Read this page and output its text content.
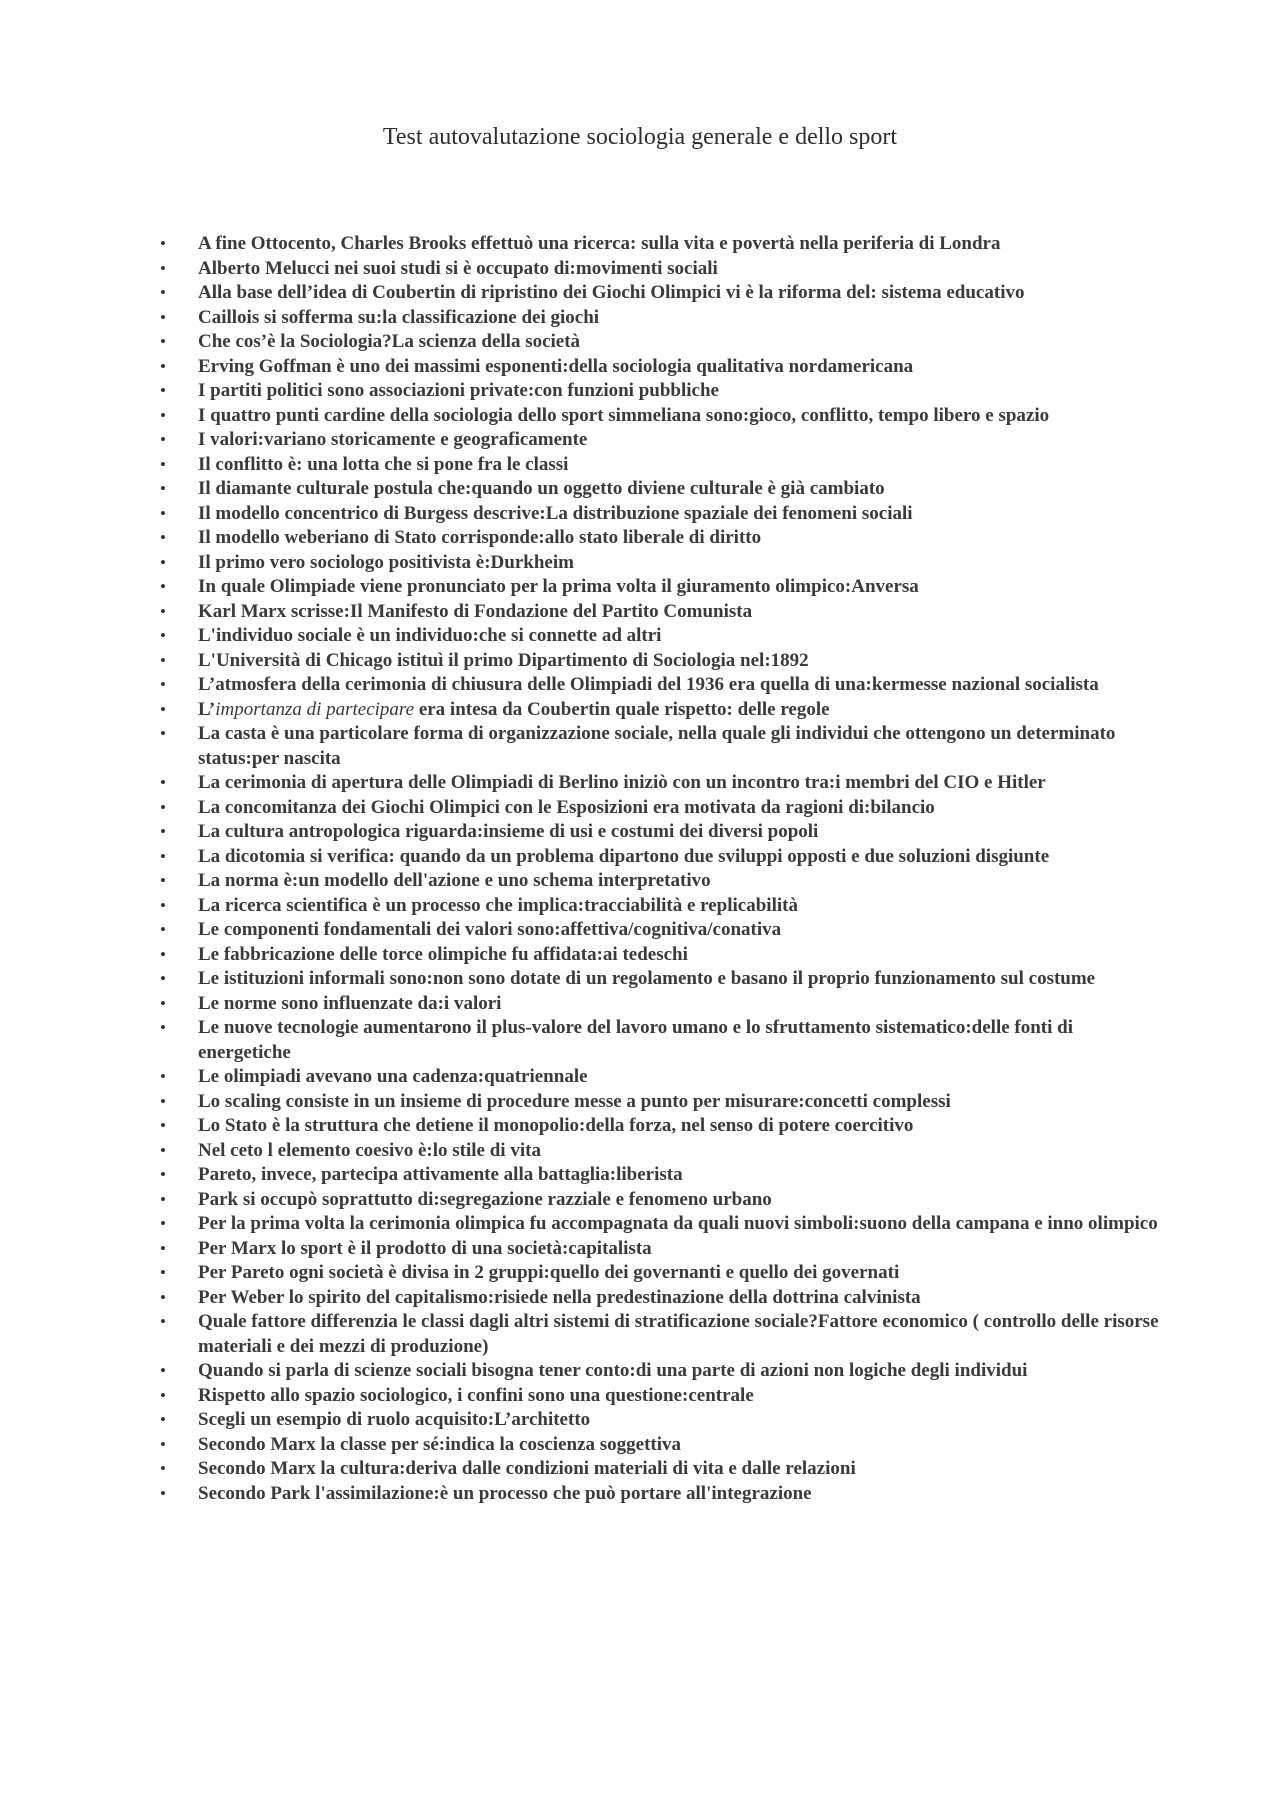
Test autovalutazione sociologia generale e dello sport
• A fine Ottocento, Charles Brooks effettuò una ricerca: sulla vita e povertà nella periferia di Londra
• Alberto Melucci nei suoi studi si è occupato di:movimenti sociali
• Alla base dell’idea di Coubertin di ripristino dei Giochi Olimpici vi è la riforma del: sistema educativo
• Caillois si sofferma su:la classificazione dei giochi
• Che cos’è la Sociologia?La scienza della società
• Erving Goffman è uno dei massimi esponenti:della sociologia qualitativa nordamericana
• I partiti politici sono associazioni private:con funzioni pubbliche
• I quattro punti cardine della sociologia dello sport simmeliana sono:gioco, conflitto, tempo libero e spazio
• I valori:variano storicamente e geograficamente
• Il conflitto è: una lotta che si pone fra le classi
• Il diamante culturale postula che:quando un oggetto diviene culturale è già cambiato
• Il modello concentrico di Burgess descrive:La distribuzione spaziale dei fenomeni sociali
• Il modello weberiano di Stato corrisponde:allo stato liberale di diritto
• Il primo vero sociologo positivista è:Durkheim
• In quale Olimpiade viene pronunciato per la prima volta il giuramento olimpico:Anversa
• Karl Marx scrisse:Il Manifesto di Fondazione del Partito Comunista
• L'individuo sociale è un individuo:che si connette ad altri
• L'Università di Chicago istituì il primo Dipartimento di Sociologia nel:1892
• L’atmosfera della cerimonia di chiusura delle Olimpiadi del 1936 era quella di una:kermesse nazional socialista
• L’importanza di partecipare era intesa da Coubertin quale rispetto: delle regole
• La casta è una particolare forma di organizzazione sociale, nella quale gli individui che ottengono un determinato status:per nascita
• La cerimonia di apertura delle Olimpiadi di Berlino iniziò con un incontro tra:i membri del CIO e Hitler
• La concomitanza dei Giochi Olimpici con le Esposizioni era motivata da ragioni di:bilancio
• La cultura antropologica riguarda:insieme di usi e costumi dei diversi popoli
• La dicotomia si verifica: quando da un problema dipartono due sviluppi opposti e due soluzioni disgiunte
• La norma è:un modello dell'azione e uno schema interpretativo
• La ricerca scientifica è un processo che implica:tracciabilità e replicabilità
• Le componenti fondamentali dei valori sono:affettiva/cognitiva/conativa
• Le fabbricazione delle torce olimpiche fu affidata:ai tedeschi
• Le istituzioni informali sono:non sono dotate di un regolamento e basano il proprio funzionamento sul costume
• Le norme sono influenzate da:i valori
• Le nuove tecnologie aumentarono il plus-valore del lavoro umano e lo sfruttamento sistematico:delle fonti di energetiche
• Le olimpiadi avevano una cadenza:quatriennale
• Lo scaling consiste in un insieme di procedure messe a punto per misurare:concetti complessi
• Lo Stato è la struttura che detiene il monopolio:della forza, nel senso di potere coercitivo
• Nel ceto l elemento coesivo è:lo stile di vita
• Pareto, invece, partecipa attivamente alla battaglia:liberista
• Park si occupò soprattutto di:segregazione razziale e fenomeno urbano
• Per la prima volta la cerimonia olimpica fu accompagnata da quali nuovi simboli:suono della campana e inno olimpico
• Per Marx lo sport è il prodotto di una società:capitalista
• Per Pareto ogni società è divisa in 2 gruppi:quello dei governanti e quello dei governati
• Per Weber lo spirito del capitalismo:risiede nella predestinazione della dottrina calvinista
• Quale fattore differenzia le classi dagli altri sistemi di stratificazione sociale?Fattore economico ( controllo delle risorse materiali e dei mezzi di produzione)
• Quando si parla di scienze sociali bisogna tener conto:di una parte di azioni non logiche degli individui
• Rispetto allo spazio sociologico, i confini sono una questione:centrale
• Scegli un esempio di ruolo acquisito:L’architetto
• Secondo Marx la classe per sé:indica la coscienza soggettiva
• Secondo Marx la cultura:deriva dalle condizioni materiali di vita e dalle relazioni
• Secondo Park l'assimilazione:è un processo che può portare all'integrazione
